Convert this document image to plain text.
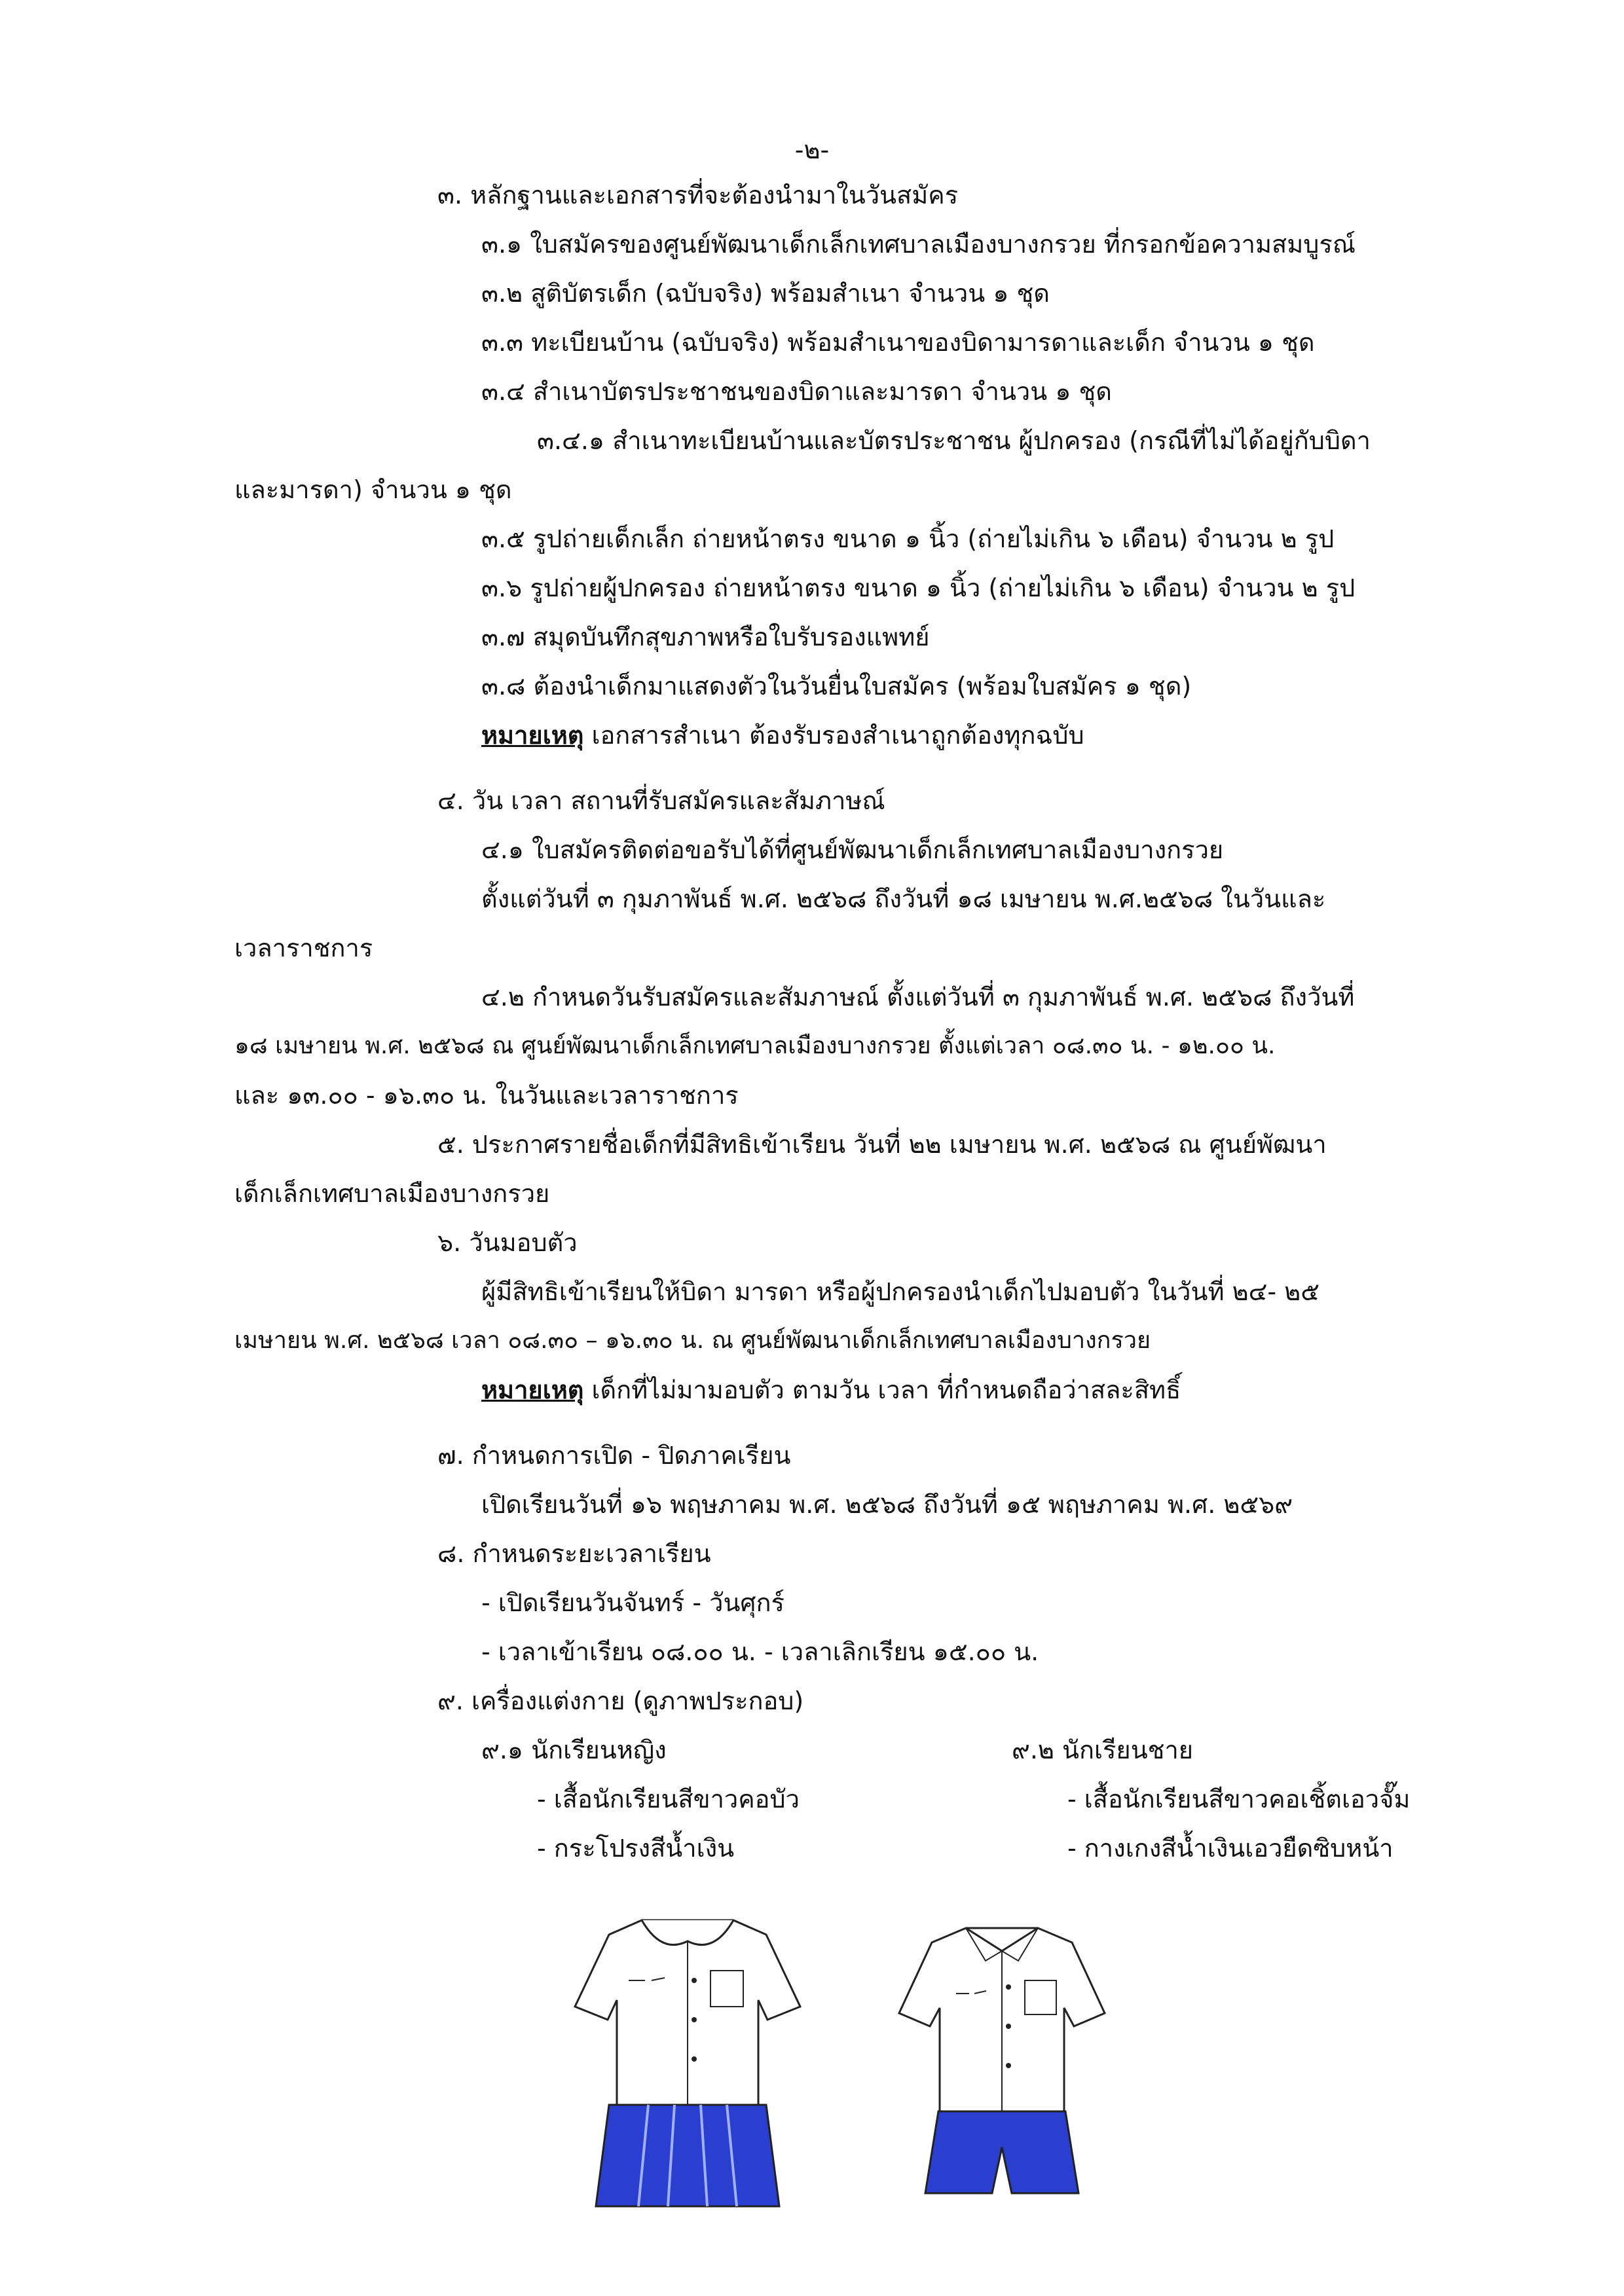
-๒-
๓. หลักฐานและเอกสารที่จะต้องนำมาในวันสมัคร
๓.๑ ใบสมัครของศูนย์พัฒนาเด็กเล็กเทศบาลเมืองบางกรวย ที่กรอกข้อความสมบูรณ์
๓.๒ สูติบัตรเด็ก (ฉบับจริง) พร้อมสำเนา จำนวน ๑ ชุด
๓.๓ ทะเบียนบ้าน (ฉบับจริง) พร้อมสำเนาของบิดามารดาและเด็ก จำนวน ๑ ชุด
๓.๔ สำเนาบัตรประชาชนของบิดาและมารดา จำนวน ๑ ชุด
๓.๔.๑ สำเนาทะเบียนบ้านและบัตรประชาชน ผู้ปกครอง (กรณีที่ไม่ได้อยู่กับบิดา
และมารดา) จำนวน ๑ ชุด
๓.๕ รูปถ่ายเด็กเล็ก ถ่ายหน้าตรง ขนาด ๑ นิ้ว (ถ่ายไม่เกิน ๖ เดือน) จำนวน ๒ รูป
๓.๖ รูปถ่ายผู้ปกครอง ถ่ายหน้าตรง ขนาด ๑ นิ้ว (ถ่ายไม่เกิน ๖ เดือน) จำนวน ๒ รูป
๓.๗ สมุดบันทึกสุขภาพหรือใบรับรองแพทย์
๓.๘ ต้องนำเด็กมาแสดงตัวในวันยื่นใบสมัคร (พร้อมใบสมัคร ๑ ชุด)
หมายเหตุ เอกสารสำเนา ต้องรับรองสำเนาถูกต้องทุกฉบับ
๔. วัน เวลา สถานที่รับสมัครและสัมภาษณ์
๔.๑ ใบสมัครติดต่อขอรับได้ที่ศูนย์พัฒนาเด็กเล็กเทศบาลเมืองบางกรวย
ตั้งแต่วันที่ ๓ กุมภาพันธ์ พ.ศ. ๒๕๖๘ ถึงวันที่ ๑๘ เมษายน พ.ศ.๒๕๖๘ ในวันและ
เวลาราชการ
๔.๒ กำหนดวันรับสมัครและสัมภาษณ์ ตั้งแต่วันที่ ๓ กุมภาพันธ์ พ.ศ. ๒๕๖๘ ถึงวันที่
๑๘ เมษายน พ.ศ. ๒๕๖๘ ณ ศูนย์พัฒนาเด็กเล็กเทศบาลเมืองบางกรวย ตั้งแต่เวลา ๐๘.๓๐ น. - ๑๒.๐๐ น.
และ ๑๓.๐๐ - ๑๖.๓๐ น. ในวันและเวลาราชการ
๕. ประกาศรายชื่อเด็กที่มีสิทธิเข้าเรียน วันที่ ๒๒ เมษายน พ.ศ. ๒๕๖๘ ณ ศูนย์พัฒนา
เด็กเล็กเทศบาลเมืองบางกรวย
๖. วันมอบตัว
ผู้มีสิทธิเข้าเรียนให้บิดา มารดา หรือผู้ปกครองนำเด็กไปมอบตัว ในวันที่ ๒๔- ๒๕
เมษายน พ.ศ. ๒๕๖๘ เวลา ๐๘.๓๐ – ๑๖.๓๐ น. ณ ศูนย์พัฒนาเด็กเล็กเทศบาลเมืองบางกรวย
หมายเหตุ เด็กที่ไม่มามอบตัว ตามวัน เวลา ที่กำหนดถือว่าสละสิทธิ์
๗. กำหนดการเปิด - ปิดภาคเรียน
เปิดเรียนวันที่ ๑๖ พฤษภาคม พ.ศ. ๒๕๖๘ ถึงวันที่ ๑๕ พฤษภาคม พ.ศ. ๒๕๖๙
๘. กำหนดระยะเวลาเรียน
- เปิดเรียนวันจันทร์ - วันศุกร์
- เวลาเข้าเรียน ๐๘.๐๐ น. - เวลาเลิกเรียน ๑๕.๐๐ น.
๙. เครื่องแต่งกาย (ดูภาพประกอบ)
๙.๑ นักเรียนหญิง
- เสื้อนักเรียนสีขาวคอบัว
- กระโปรงสีน้ำเงิน
๙.๒ นักเรียนชาย
- เสื้อนักเรียนสีขาวคอเชิ้ตเอวจั๊ม
- กางเกงสีน้ำเงินเอวยืดซิบหน้า
